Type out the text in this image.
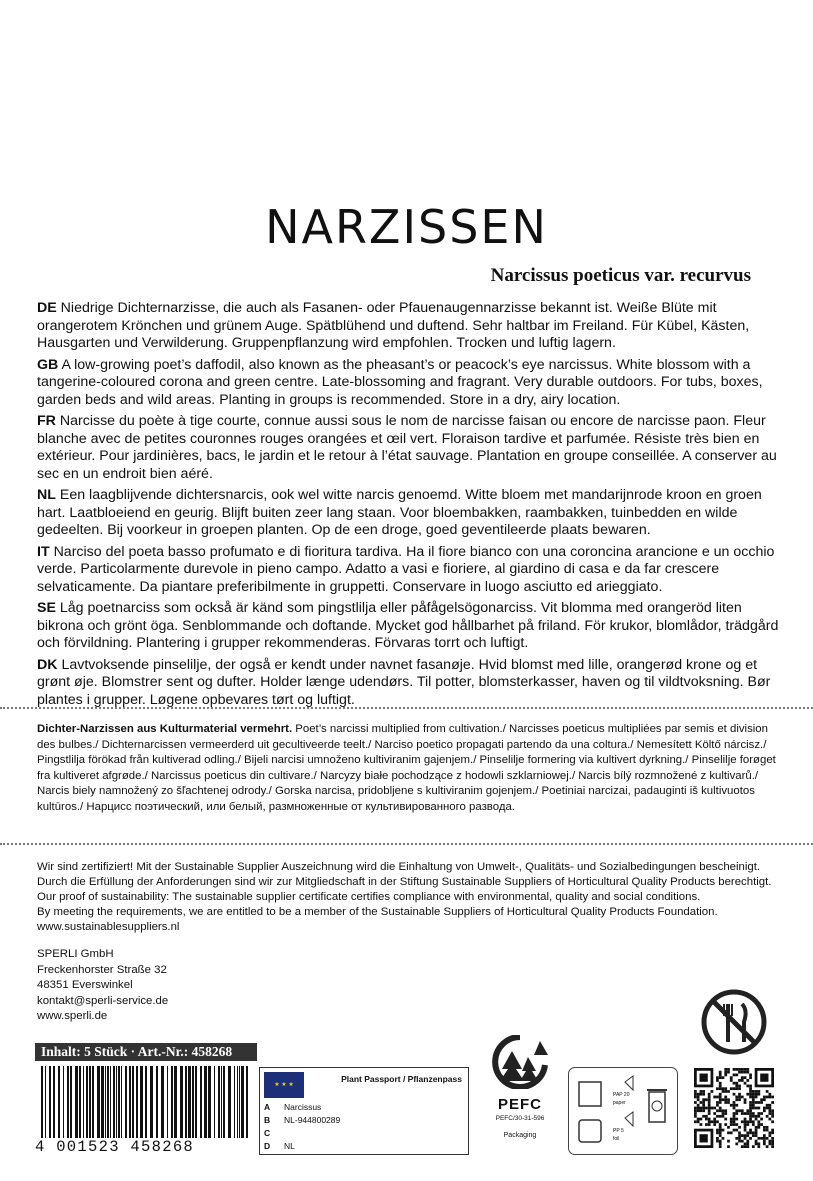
NARZISSEN
Narcissus poeticus var. recurvus

DE Niedrige Dichternarzisse, die auch als Fasanen- oder Pfauenaugennarzisse bekannt ist. Weiße Blüte mit orangerotem Krönchen und grünem Auge. Spätblühend und duftend. Sehr haltbar im Freiland. Für Kübel, Kästen, Hausgarten und Verwilderung. Gruppenpflanzung wird empfohlen. Trocken und luftig lagern.

GB A low-growing poet’s daffodil, also known as the pheasant’s or peacock’s eye narcissus. White blossom with a tangerine-coloured corona and green centre. Late-blossoming and fragrant. Very durable outdoors. For tubs, boxes, garden beds and wild areas. Planting in groups is recommended. Store in a dry, airy location.

FR Narcisse du poète à tige courte, connue aussi sous le nom de narcisse faisan ou encore de narcisse paon. Fleur blanche avec de petites couronnes rouges orangées et œil vert. Floraison tardive et parfumée. Résiste très bien en extérieur. Pour jardinières, bacs, le jardin et le retour à l’état sauvage. Plantation en groupe conseillée. A conserver au sec en un endroit bien aéré.

NL Een laagblijvende dichtersnarcis, ook wel witte narcis genoemd. Witte bloem met mandarijnrode kroon en groen hart. Laatbloeiend en geurig. Blijft buiten zeer lang staan. Voor bloembakken, raambakken, tuinbedden en wilde gedeelten. Bij voorkeur in groepen planten. Op de een droge, goed geventileerde plaats bewaren.

IT Narciso del poeta basso profumato e di fioritura tardiva. Ha il fiore bianco con una coroncina arancione e un occhio verde. Particolarmente durevole in pieno campo. Adatto a vasi e fioriere, al giardino di casa e da far crescere selvaticamente. Da piantare preferibilmente in gruppetti. Conservare in luogo asciutto ed arieggiato.

SE Låg poetnarciss som också är känd som pingstlilja eller påfågelsögonarciss. Vit blomma med orangeröd liten bikrona och grönt öga. Senblommande och doftande. Mycket god hållbarhet på friland. För krukor, blomlådor, trädgård och förvildning. Plantering i grupper rekommenderas. Förvaras torrt och luftigt.

DK Lavtvoksende pinselilje, der også er kendt under navnet fasanøje. Hvid blomst med lille, orangerød krone og et grønt øje. Blomstrer sent og dufter. Holder længe udendørs. Til potter, blomsterkasser, haven og til vildtvoksning. Bør plantes i grupper. Løgene opbevares tørt og luftigt.

Dichter-Narzissen aus Kulturmaterial vermehrt. Poet’s narcissi multiplied from cultivation./ Narcisses poeticus multipliées par semis et division des bulbes./ Dichternarcissen vermeerderd uit gecultiveerde teelt./ Narciso poetico propagati partendo da una coltura./ Nemesített Költő nárcisz./ Pingstlilja förökad från kultiverad odling./ Bijeli narcisi umnoženo kultiviranim gajenjem./ Pinselilje formering via kultivert dyrkning./ Pinselilje forøget fra kultiveret afgrøde./ Narcissus poeticus din cultivare./ Narcyzy białe pochodzące z hodowli szklarniowej./ Narcis bílý rozmnožené z kultivarů./ Narcis biely namnožený zo šľachtenej odrody./ Gorska narcisa, pridobljene s kultiviranim gojenjem./ Poetiniai narcizai, padauginti iš kultivuotos kultūros./ Нарцисс поэтический, или белый, размноженные от культивированного развода.
Wir sind zertifiziert! Mit der Sustainable Supplier Auszeichnung wird die Einhaltung von Umwelt-, Qualitäts- und Sozialbedingungen bescheinigt.
Durch die Erfüllung der Anforderungen sind wir zur Mitgliedschaft in der Stiftung Sustainable Suppliers of Horticultural Quality Products berechtigt.
Our proof of sustainability: The sustainable supplier certificate certifies compliance with environmental, quality and social conditions.
By meeting the requirements, we are entitled to be a member of the Sustainable Suppliers of Horticultural Quality Products Foundation.
www.sustainablesuppliers.nl
SPERLI GmbH
Freckenhorster Straße 32
48351 Everswinkel
kontakt@sperli-service.de
www.sperli.de
Inhalt: 5 Stück · Art.-Nr.: 458268
4 001523 458268
★ ★ ★
Plant Passport / Pflanzenpass
A Narcissus
B NL-944800289
C
D NL
PEFC
PEFC/30-31-596
Packaging
PAP 20
paper
PP 5
foil
